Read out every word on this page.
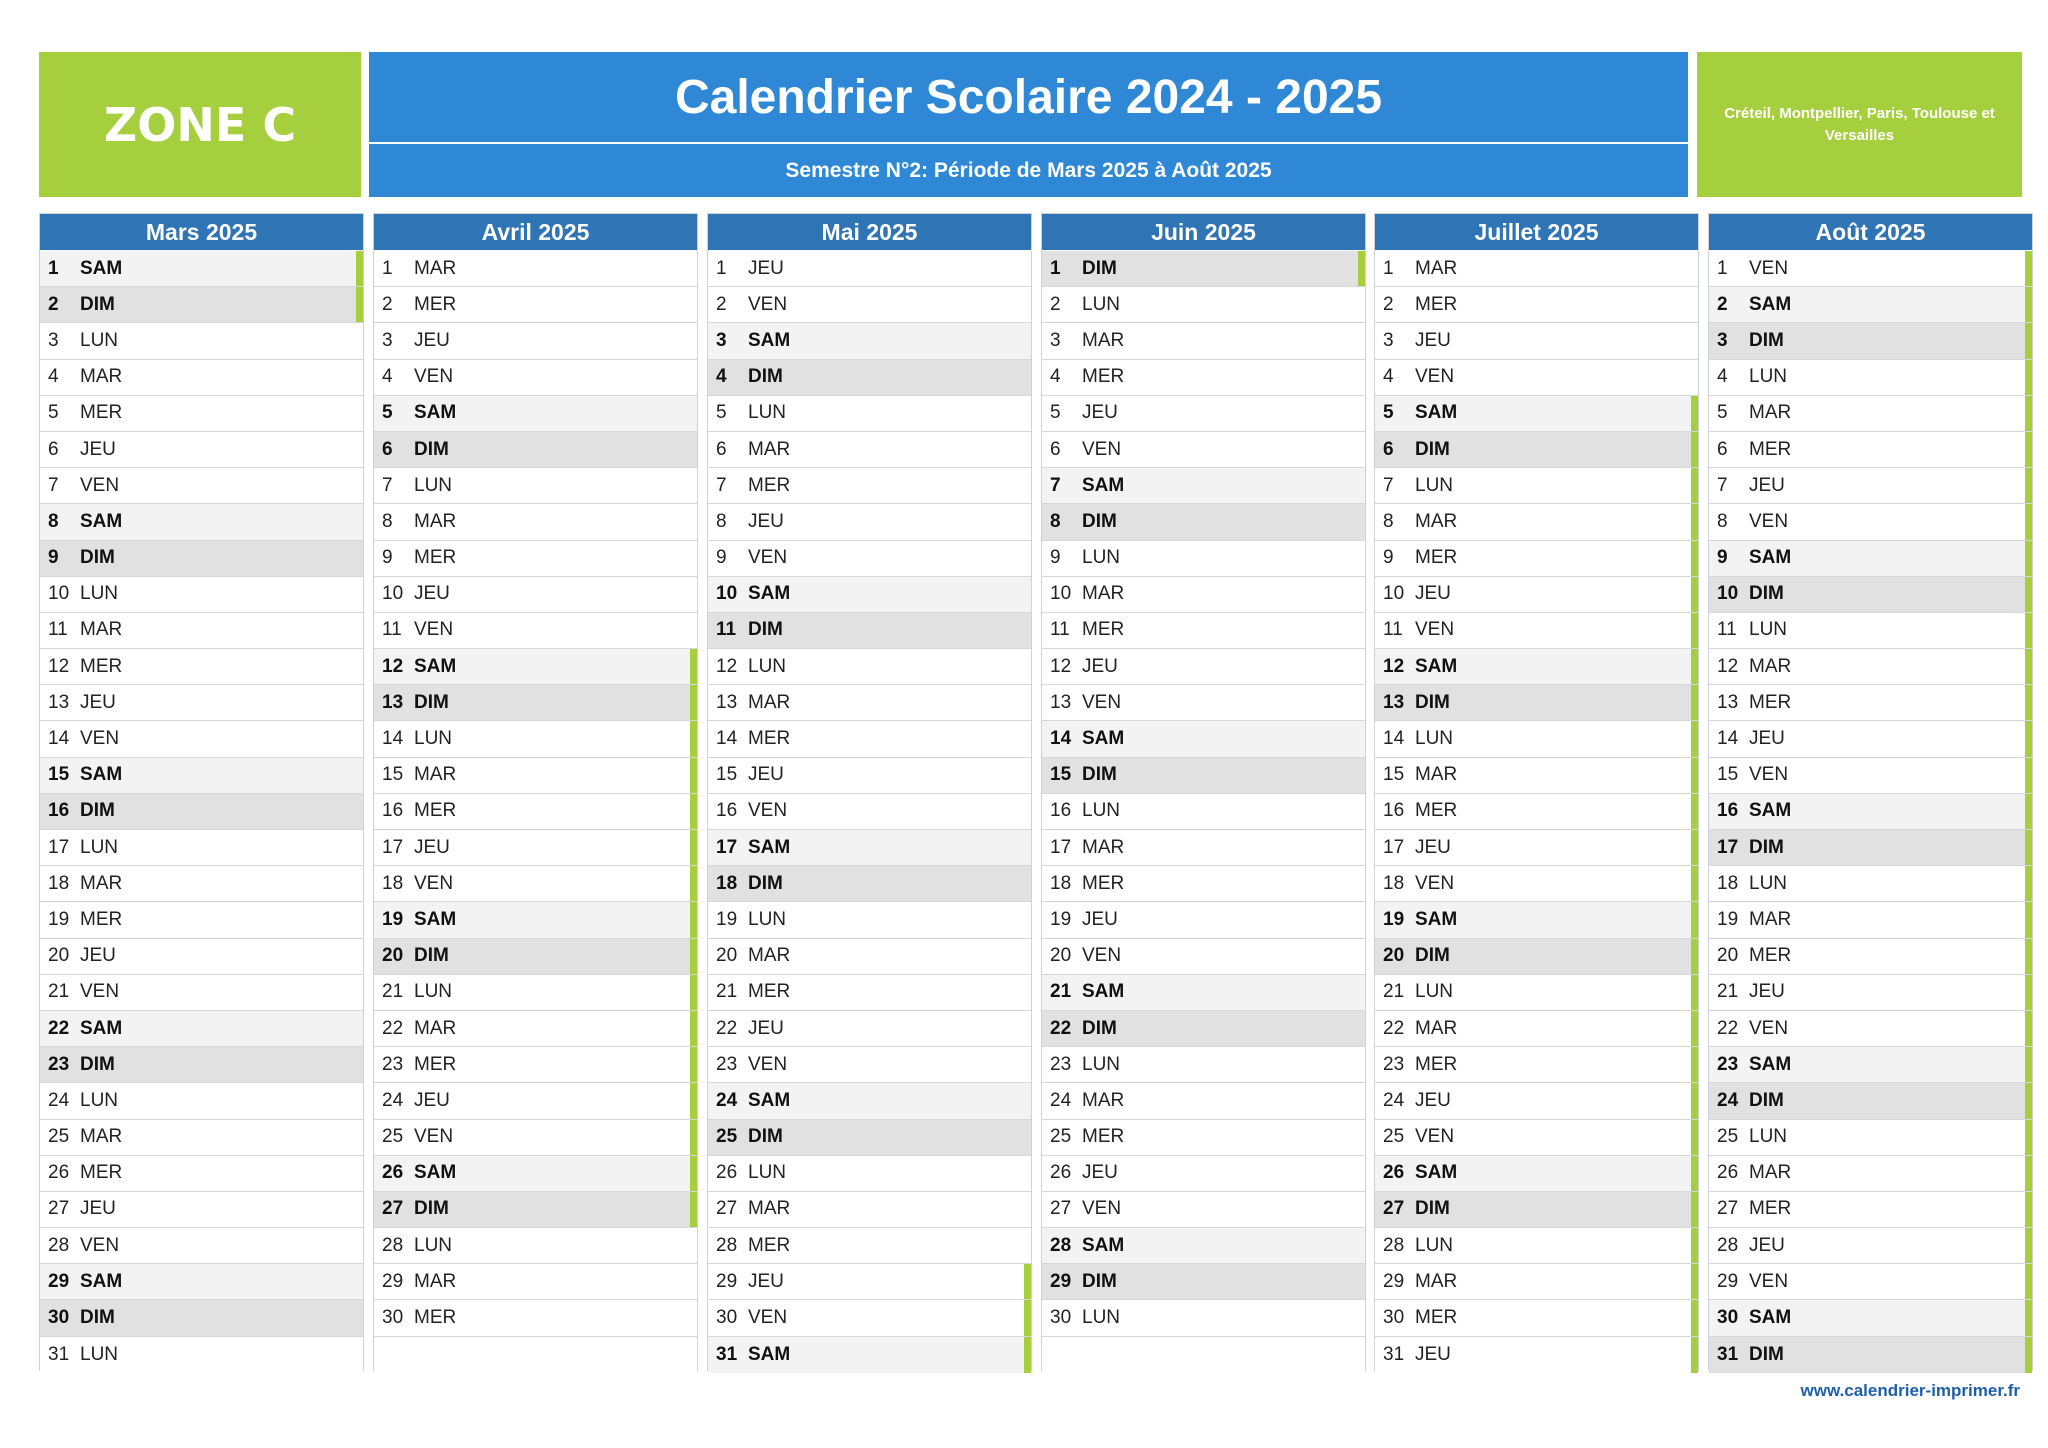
ZONE C
Calendrier Scolaire 2024 - 2025
Semestre N°2: Période de Mars 2025 à Août 2025
Créteil, Montpellier, Paris, Toulouse et Versailles
Mars 2025
1	SAM
2	DIM
3	LUN
4	MAR
5	MER
6	JEU
7	VEN
8	SAM
9	DIM
10 LUN
11 MAR
12 MER
13 JEU
14 VEN
15 SAM
16 DIM
17 LUN
18 MAR
19 MER
20 JEU
21 VEN
22 SAM
23 DIM
24 LUN
25 MAR
26 MER
27 JEU
28 VEN
29 SAM
30 DIM
31 LUN
Avril 2025
1	MAR
2	MER
3	JEU
4	VEN
5	SAM
6	DIM
7	LUN
8	MAR
9	MER
10 JEU
11 VEN
12 SAM
13 DIM
14 LUN
15 MAR
16 MER
17 JEU
18 VEN
19 SAM
20 DIM
21 LUN
22 MAR
23 MER
24 JEU
25 VEN
26 SAM
27 DIM
28 LUN
29 MAR
30 MER
Mai 2025
1	JEU
2	VEN
3	SAM
4	DIM
5	LUN
6	MAR
7	MER
8	JEU
9	VEN
10 SAM
11 DIM
12 LUN
13 MAR
14 MER
15 JEU
16 VEN
17 SAM
18 DIM
19 LUN
20 MAR
21 MER
22 JEU
23 VEN
24 SAM
25 DIM
26 LUN
27 MAR
28 MER
29 JEU
30 VEN
31 SAM
Juin 2025
1	DIM
2	LUN
3	MAR
4	MER
5	JEU
6	VEN
7	SAM
8	DIM
9	LUN
10 MAR
11 MER
12 JEU
13 VEN
14 SAM
15 DIM
16 LUN
17 MAR
18 MER
19 JEU
20 VEN
21 SAM
22 DIM
23 LUN
24 MAR
25 MER
26 JEU
27 VEN
28 SAM
29 DIM
30 LUN
Juillet 2025
1	MAR
2	MER
3	JEU
4	VEN
5	SAM
6	DIM
7	LUN
8	MAR
9	MER
10 JEU
11 VEN
12 SAM
13 DIM
14 LUN
15 MAR
16 MER
17 JEU
18 VEN
19 SAM
20 DIM
21 LUN
22 MAR
23 MER
24 JEU
25 VEN
26 SAM
27 DIM
28 LUN
29 MAR
30 MER
31 JEU
Août 2025
1	VEN
2	SAM
3	DIM
4	LUN
5	MAR
6	MER
7	JEU
8	VEN
9	SAM
10 DIM
11 LUN
12 MAR
13 MER
14 JEU
15 VEN
16 SAM
17 DIM
18 LUN
19 MAR
20 MER
21 JEU
22 VEN
23 SAM
24 DIM
25 LUN
26 MAR
27 MER
28 JEU
29 VEN
30 SAM
31 DIM
www.calendrier-imprimer.fr
